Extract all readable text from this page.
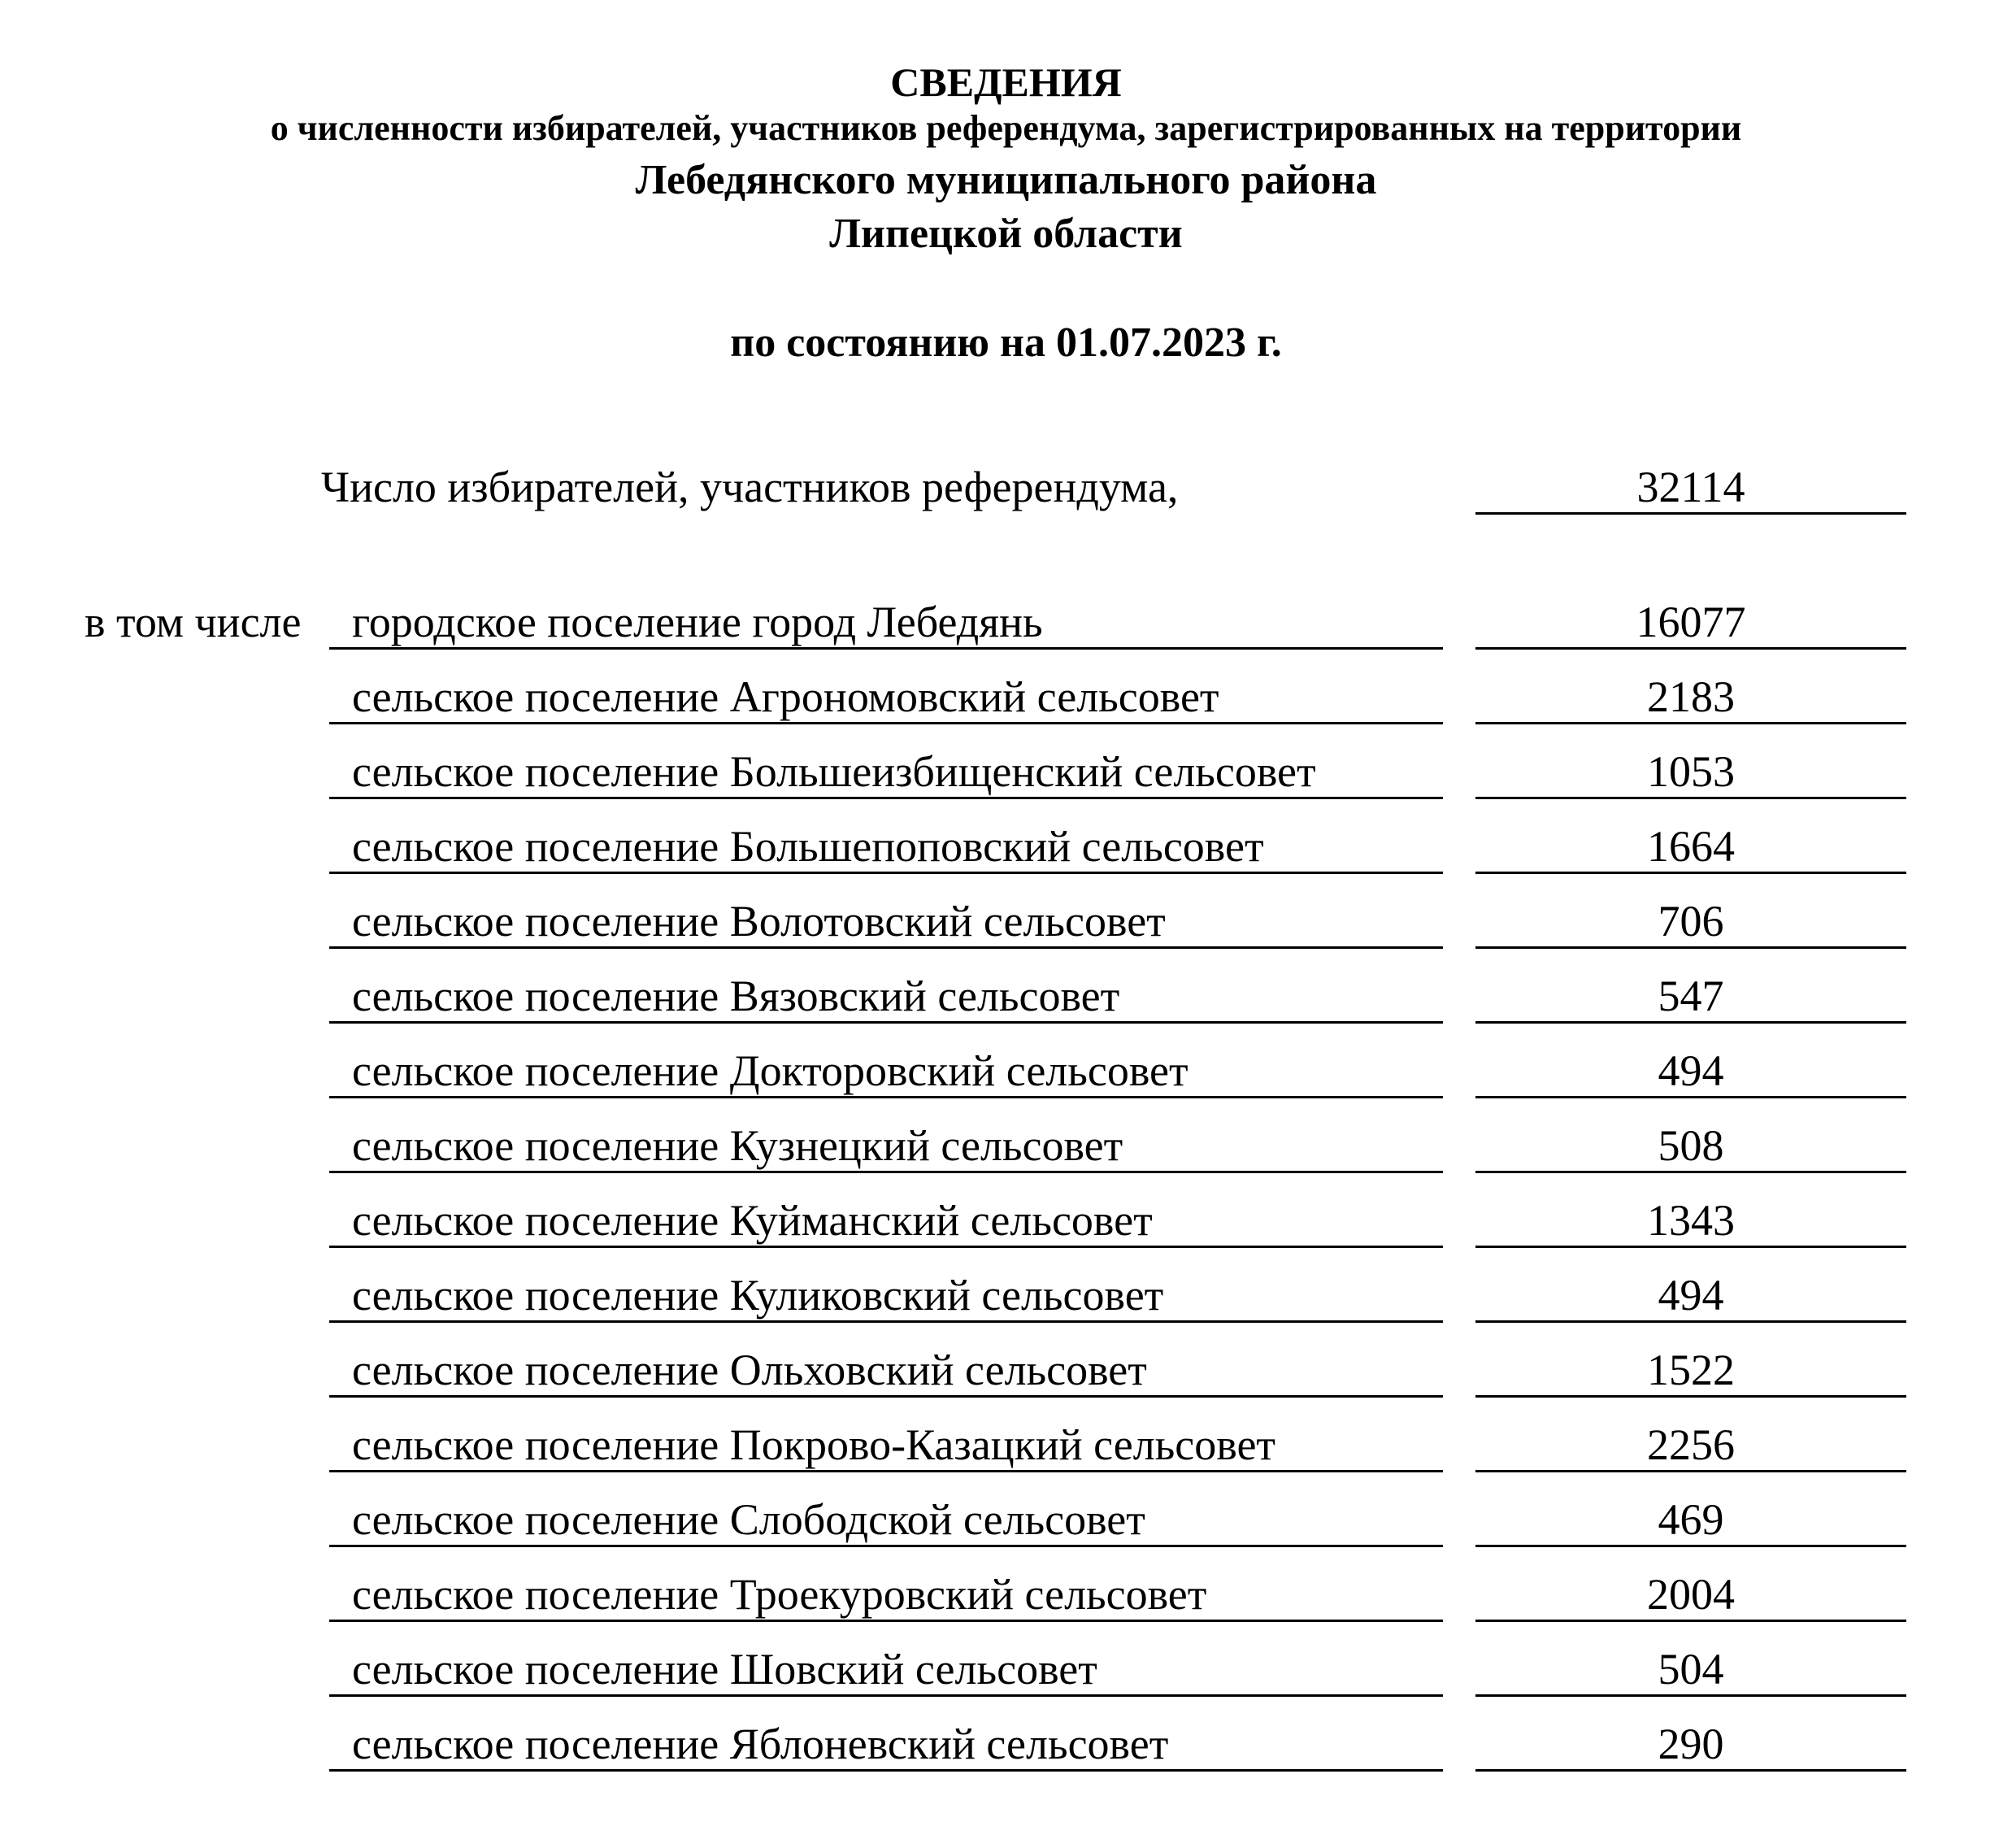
СВЕДЕНИЯ
о численности избирателей, участников референдума, зарегистрированных на территории
Лебедянского муниципального района
Липецкой области
по состоянию на 01.07.2023 г.
Число избирателей, участников референдума,	32114
в том числе	городское поселение город Лебедянь	16077
сельское поселение Агрономовский сельсовет	2183
сельское поселение Большеизбищенский сельсовет	1053
сельское поселение Большепоповский сельсовет	1664
сельское поселение Волотовский сельсовет	706
сельское поселение Вязовский сельсовет	547
сельское поселение Докторовский сельсовет	494
сельское поселение Кузнецкий сельсовет	508
сельское поселение Куйманский сельсовет	1343
сельское поселение Куликовский сельсовет	494
сельское поселение Ольховский сельсовет	1522
сельское поселение Покрово-Казацкий сельсовет	2256
сельское поселение Слободской сельсовет	469
сельское поселение Троекуровский сельсовет	2004
сельское поселение Шовский сельсовет	504
сельское поселение Яблоневский сельсовет	290
